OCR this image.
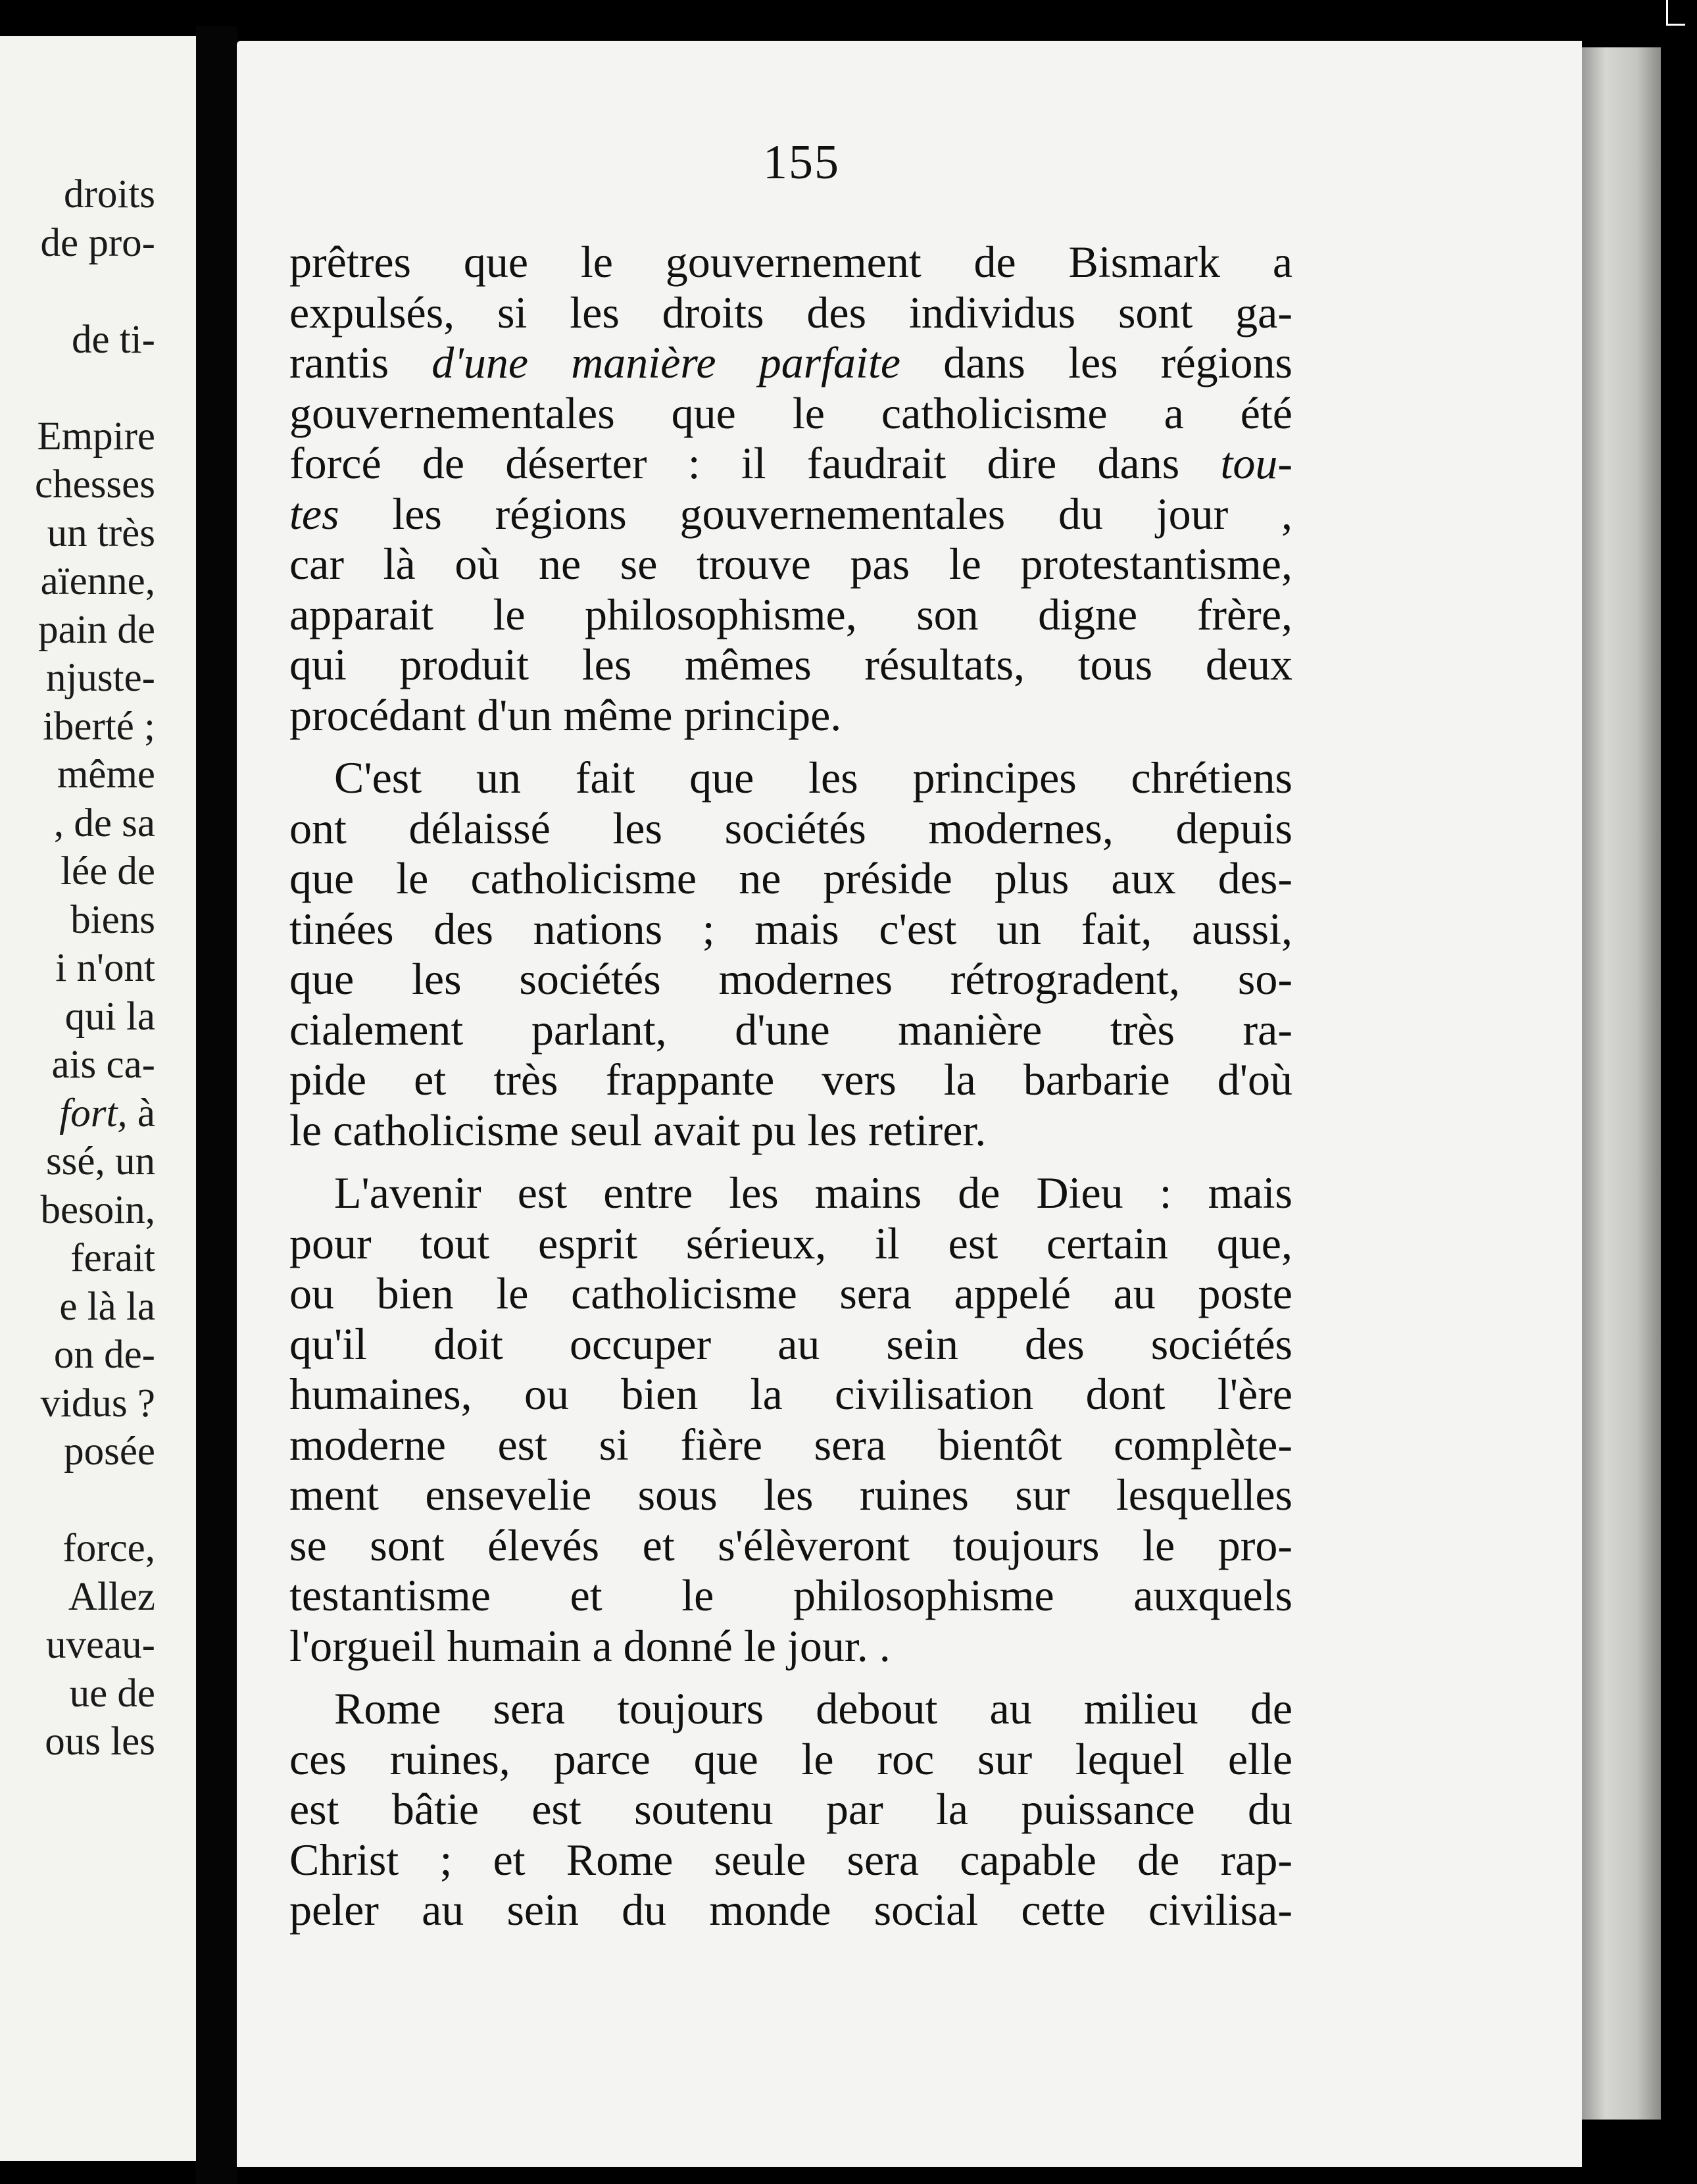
droits
de pro-
de ti-
Empire
chesses
un très
aïenne,
pain de
njuste-
iberté ;
même
, de sa
lée de
biens
i n'ont
qui la
ais ca-
fort, à
ssé, un
besoin,
ferait
e là la
on de-
vidus ?
posée
force,
Allez
uveau-
ue de
ous les
155
prêtres que le gouvernement de Bismark a
expulsés, si les droits des individus sont ga-
rantis d'une manière parfaite dans les régions
gouvernementales que le catholicisme a été
forcé de déserter : il faudrait dire dans tou-
tes les régions gouvernementales du jour ,
car là où ne se trouve pas le protestantisme,
apparait le philosophisme, son digne frère,
qui produit les mêmes résultats, tous deux
procédant d'un même principe.
C'est un fait que les principes chrétiens
ont délaissé les sociétés modernes, depuis
que le catholicisme ne préside plus aux des-
tinées des nations ; mais c'est un fait, aussi,
que les sociétés modernes rétrogradent, so-
cialement parlant, d'une manière très ra-
pide et très frappante vers la barbarie d'où
le catholicisme seul avait pu les retirer.
L'avenir est entre les mains de Dieu : mais
pour tout esprit sérieux, il est certain que,
ou bien le catholicisme sera appelé au poste
qu'il doit occuper au sein des sociétés
humaines, ou bien la civilisation dont l'ère
moderne est si fière sera bientôt complète-
ment ensevelie sous les ruines sur lesquelles
se sont élevés et s'élèveront toujours le pro-
testantisme et le philosophisme auxquels
l'orgueil humain a donné le jour. .
Rome sera toujours debout au milieu de
ces ruines, parce que le roc sur lequel elle
est bâtie est soutenu par la puissance du
Christ ; et Rome seule sera capable de rap-
peler au sein du monde social cette civilisa-
